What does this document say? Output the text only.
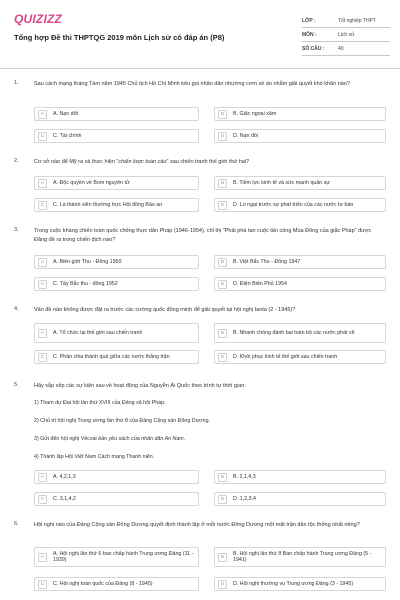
QUIZIZZ
Tổng hợp Đề thi THPTQG 2019 môn Lịch sử có đáp án (P8)
LỚP :	Tốt nghiệp THPT
MÔN :	Lịch sử
SỐ CÂU :	40
1.	Sau cách mạng tháng Tám năm 1945 Chủ tịch Hồ Chí Minh kêu gọi nhân dân nhường cơm sẻ áo nhằm giải quyết khó khăn nào?
A	A. Nạn dốt	B	B. Giặc ngoại xâm
C	C. Tài chính	D	D. Nạn đói
2.	Cơ sở nào để Mỹ ra và thực hiện "chiến lược toàn cầu" sau chiến tranh thế giới thứ hai?
A	A. Độc quyền về Bom nguyên tử	B	B. Tiềm lực kinh tế và sức mạnh quân sự
C	C. Là thành viên thường trực Hội đồng Bảo an	D	D. Lo ngại trước sự phát triển của các nước tư bản
3.	Trong cuộc kháng chiến toàn quốc chống thực dân Pháp (1946-1954), chỉ thị "Phải phá tan cuộc tấn công Mùa Đông của giặc Pháp" được Đảng đề ra trong chiến dịch nào?
A	A. Biên giới Thu - Đông 1950	B	B. Việt Bắc Thu - Đông 1947
C	C. Tây Bắc thu - đông 1952	D	D. Điện Biên Phủ 1954
4.	Vấn đề nào không được đặt ra trước các cường quốc đồng minh để giải quyết tại hội nghị Ianta (2 - 1945)?
A	A. Tổ chức lại thế giới sau chiến tranh	B	B. Nhanh chóng đánh bại toàn bộ các nước phát xít
C	C. Phân chia thành quả giữa các nước thắng trận	D	D. Khôi phục kinh tế thế giới sau chiến tranh
5.	Hãy sắp xếp các sự kiện sau về hoạt động của Nguyễn Ái Quốc theo trình tự thời gian:
1) Tham dự Đại hội lần thứ XVIII của Đảng xã hội Pháp.
2) Chủ trì hội nghị Trung ương lần thứ 8 của Đảng Cộng sản Đông Dương.
3) Gửi đến hội nghị Vécxai bản yêu sách của nhân dân An Nam.
4) Thành lập Hội Việt Nam Cách mạng Thanh niên.
A	A. 4,2,1,3	B	B. 2,1,4,3
C	C. 3,1,4,2	D	D. 1,2,3,4
6.	Hội nghị nào của Đảng Cộng sản Đông Dương quyết định thành lập ở mỗi nước Đông Dương một mặt trận dân tộc thống nhất riêng?
A
A. Hội nghị lần thứ 6 ban chấp hành Trung ương Đảng (11 - 1939)	B
B. Hội nghị lần thứ 8 Ban chấp hành Trung ương Đảng (5 - 1941)
C	C. Hội nghị toàn quốc của Đảng (8 - 1945)	D	D. Hội nghị thường vụ Trung ương Đảng (3 - 1945)
